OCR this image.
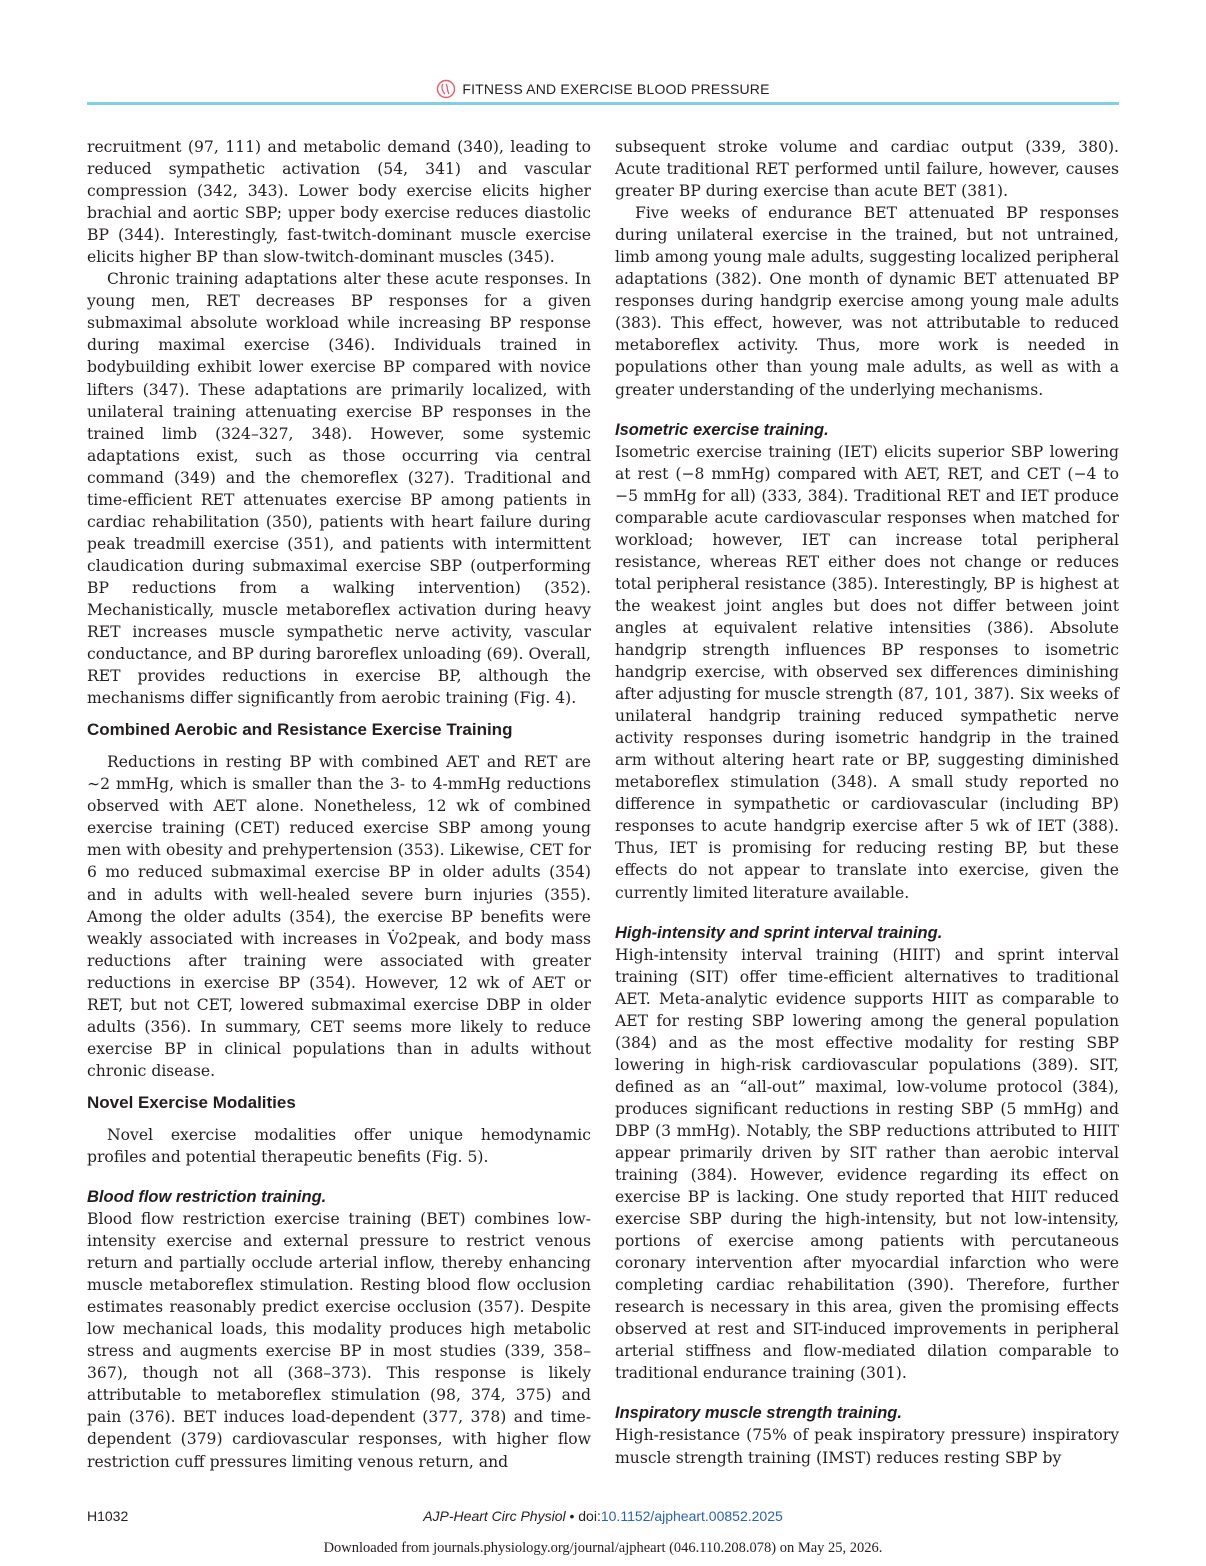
FITNESS AND EXERCISE BLOOD PRESSURE

recruitment (97, 111) and metabolic demand (340), leading to reduced sympathetic activation (54, 341) and vascular compression (342, 343). Lower body exercise elicits higher brachial and aortic SBP; upper body exercise reduces diastolic BP (344). Interestingly, fast-twitch-dominant muscle exercise elicits higher BP than slow-twitch-dominant muscles (345).

Chronic training adaptations alter these acute responses. In young men, RET decreases BP responses for a given submaximal absolute workload while increasing BP response during maximal exercise (346). Individuals trained in bodybuilding exhibit lower exercise BP compared with novice lifters (347). These adaptations are primarily localized, with unilateral training attenuating exercise BP responses in the trained limb (324–327, 348). However, some systemic adaptations exist, such as those occurring via central command (349) and the chemoreflex (327). Traditional and time-efficient RET attenuates exercise BP among patients in cardiac rehabilitation (350), patients with heart failure during peak treadmill exercise (351), and patients with intermittent claudication during submaximal exercise SBP (outperforming BP reductions from a walking intervention) (352). Mechanistically, muscle metaboreflex activation during heavy RET increases muscle sympathetic nerve activity, vascular conductance, and BP during baroreflex unloading (69). Overall, RET provides reductions in exercise BP, although the mechanisms differ significantly from aerobic training (Fig. 4).

Combined Aerobic and Resistance Exercise Training

Reductions in resting BP with combined AET and RET are ∼2 mmHg, which is smaller than the 3- to 4-mmHg reductions observed with AET alone. Nonetheless, 12 wk of combined exercise training (CET) reduced exercise SBP among young men with obesity and prehypertension (353). Likewise, CET for 6 mo reduced submaximal exercise BP in older adults (354) and in adults with well-healed severe burn injuries (355). Among the older adults (354), the exercise BP benefits were weakly associated with increases in V̇o2peak, and body mass reductions after training were associated with greater reductions in exercise BP (354). However, 12 wk of AET or RET, but not CET, lowered submaximal exercise DBP in older adults (356). In summary, CET seems more likely to reduce exercise BP in clinical populations than in adults without chronic disease.

Novel Exercise Modalities

Novel exercise modalities offer unique hemodynamic profiles and potential therapeutic benefits (Fig. 5).

Blood flow restriction training.

Blood flow restriction exercise training (BET) combines low-intensity exercise and external pressure to restrict venous return and partially occlude arterial inflow, thereby enhancing muscle metaboreflex stimulation. Resting blood flow occlusion estimates reasonably predict exercise occlusion (357). Despite low mechanical loads, this modality produces high metabolic stress and augments exercise BP in most studies (339, 358–367), though not all (368–373). This response is likely attributable to metaboreflex stimulation (98, 374, 375) and pain (376). BET induces load-dependent (377, 378) and time-dependent (379) cardiovascular responses, with higher flow restriction cuff pressures limiting venous return, and

subsequent stroke volume and cardiac output (339, 380). Acute traditional RET performed until failure, however, causes greater BP during exercise than acute BET (381).

Five weeks of endurance BET attenuated BP responses during unilateral exercise in the trained, but not untrained, limb among young male adults, suggesting localized peripheral adaptations (382). One month of dynamic BET attenuated BP responses during handgrip exercise among young male adults (383). This effect, however, was not attributable to reduced metaboreflex activity. Thus, more work is needed in populations other than young male adults, as well as with a greater understanding of the underlying mechanisms.

Isometric exercise training.

Isometric exercise training (IET) elicits superior SBP lowering at rest (−8 mmHg) compared with AET, RET, and CET (−4 to −5 mmHg for all) (333, 384). Traditional RET and IET produce comparable acute cardiovascular responses when matched for workload; however, IET can increase total peripheral resistance, whereas RET either does not change or reduces total peripheral resistance (385). Interestingly, BP is highest at the weakest joint angles but does not differ between joint angles at equivalent relative intensities (386). Absolute handgrip strength influences BP responses to isometric handgrip exercise, with observed sex differences diminishing after adjusting for muscle strength (87, 101, 387). Six weeks of unilateral handgrip training reduced sympathetic nerve activity responses during isometric handgrip in the trained arm without altering heart rate or BP, suggesting diminished metaboreflex stimulation (348). A small study reported no difference in sympathetic or cardiovascular (including BP) responses to acute handgrip exercise after 5 wk of IET (388). Thus, IET is promising for reducing resting BP, but these effects do not appear to translate into exercise, given the currently limited literature available.

High-intensity and sprint interval training.

High-intensity interval training (HIIT) and sprint interval training (SIT) offer time-efficient alternatives to traditional AET. Meta-analytic evidence supports HIIT as comparable to AET for resting SBP lowering among the general population (384) and as the most effective modality for resting SBP lowering in high-risk cardiovascular populations (389). SIT, defined as an “all-out” maximal, low-volume protocol (384), produces significant reductions in resting SBP (5 mmHg) and DBP (3 mmHg). Notably, the SBP reductions attributed to HIIT appear primarily driven by SIT rather than aerobic interval training (384). However, evidence regarding its effect on exercise BP is lacking. One study reported that HIIT reduced exercise SBP during the high-intensity, but not low-intensity, portions of exercise among patients with percutaneous coronary intervention after myocardial infarction who were completing cardiac rehabilitation (390). Therefore, further research is necessary in this area, given the promising effects observed at rest and SIT-induced improvements in peripheral arterial stiffness and flow-mediated dilation comparable to traditional endurance training (301).

Inspiratory muscle strength training.

High-resistance (75% of peak inspiratory pressure) inspiratory muscle strength training (IMST) reduces resting SBP by

H1032	AJP-Heart Circ Physiol • doi:10.1152/ajpheart.00852.2025
Downloaded from journals.physiology.org/journal/ajpheart (046.110.208.078) on May 25, 2026.
